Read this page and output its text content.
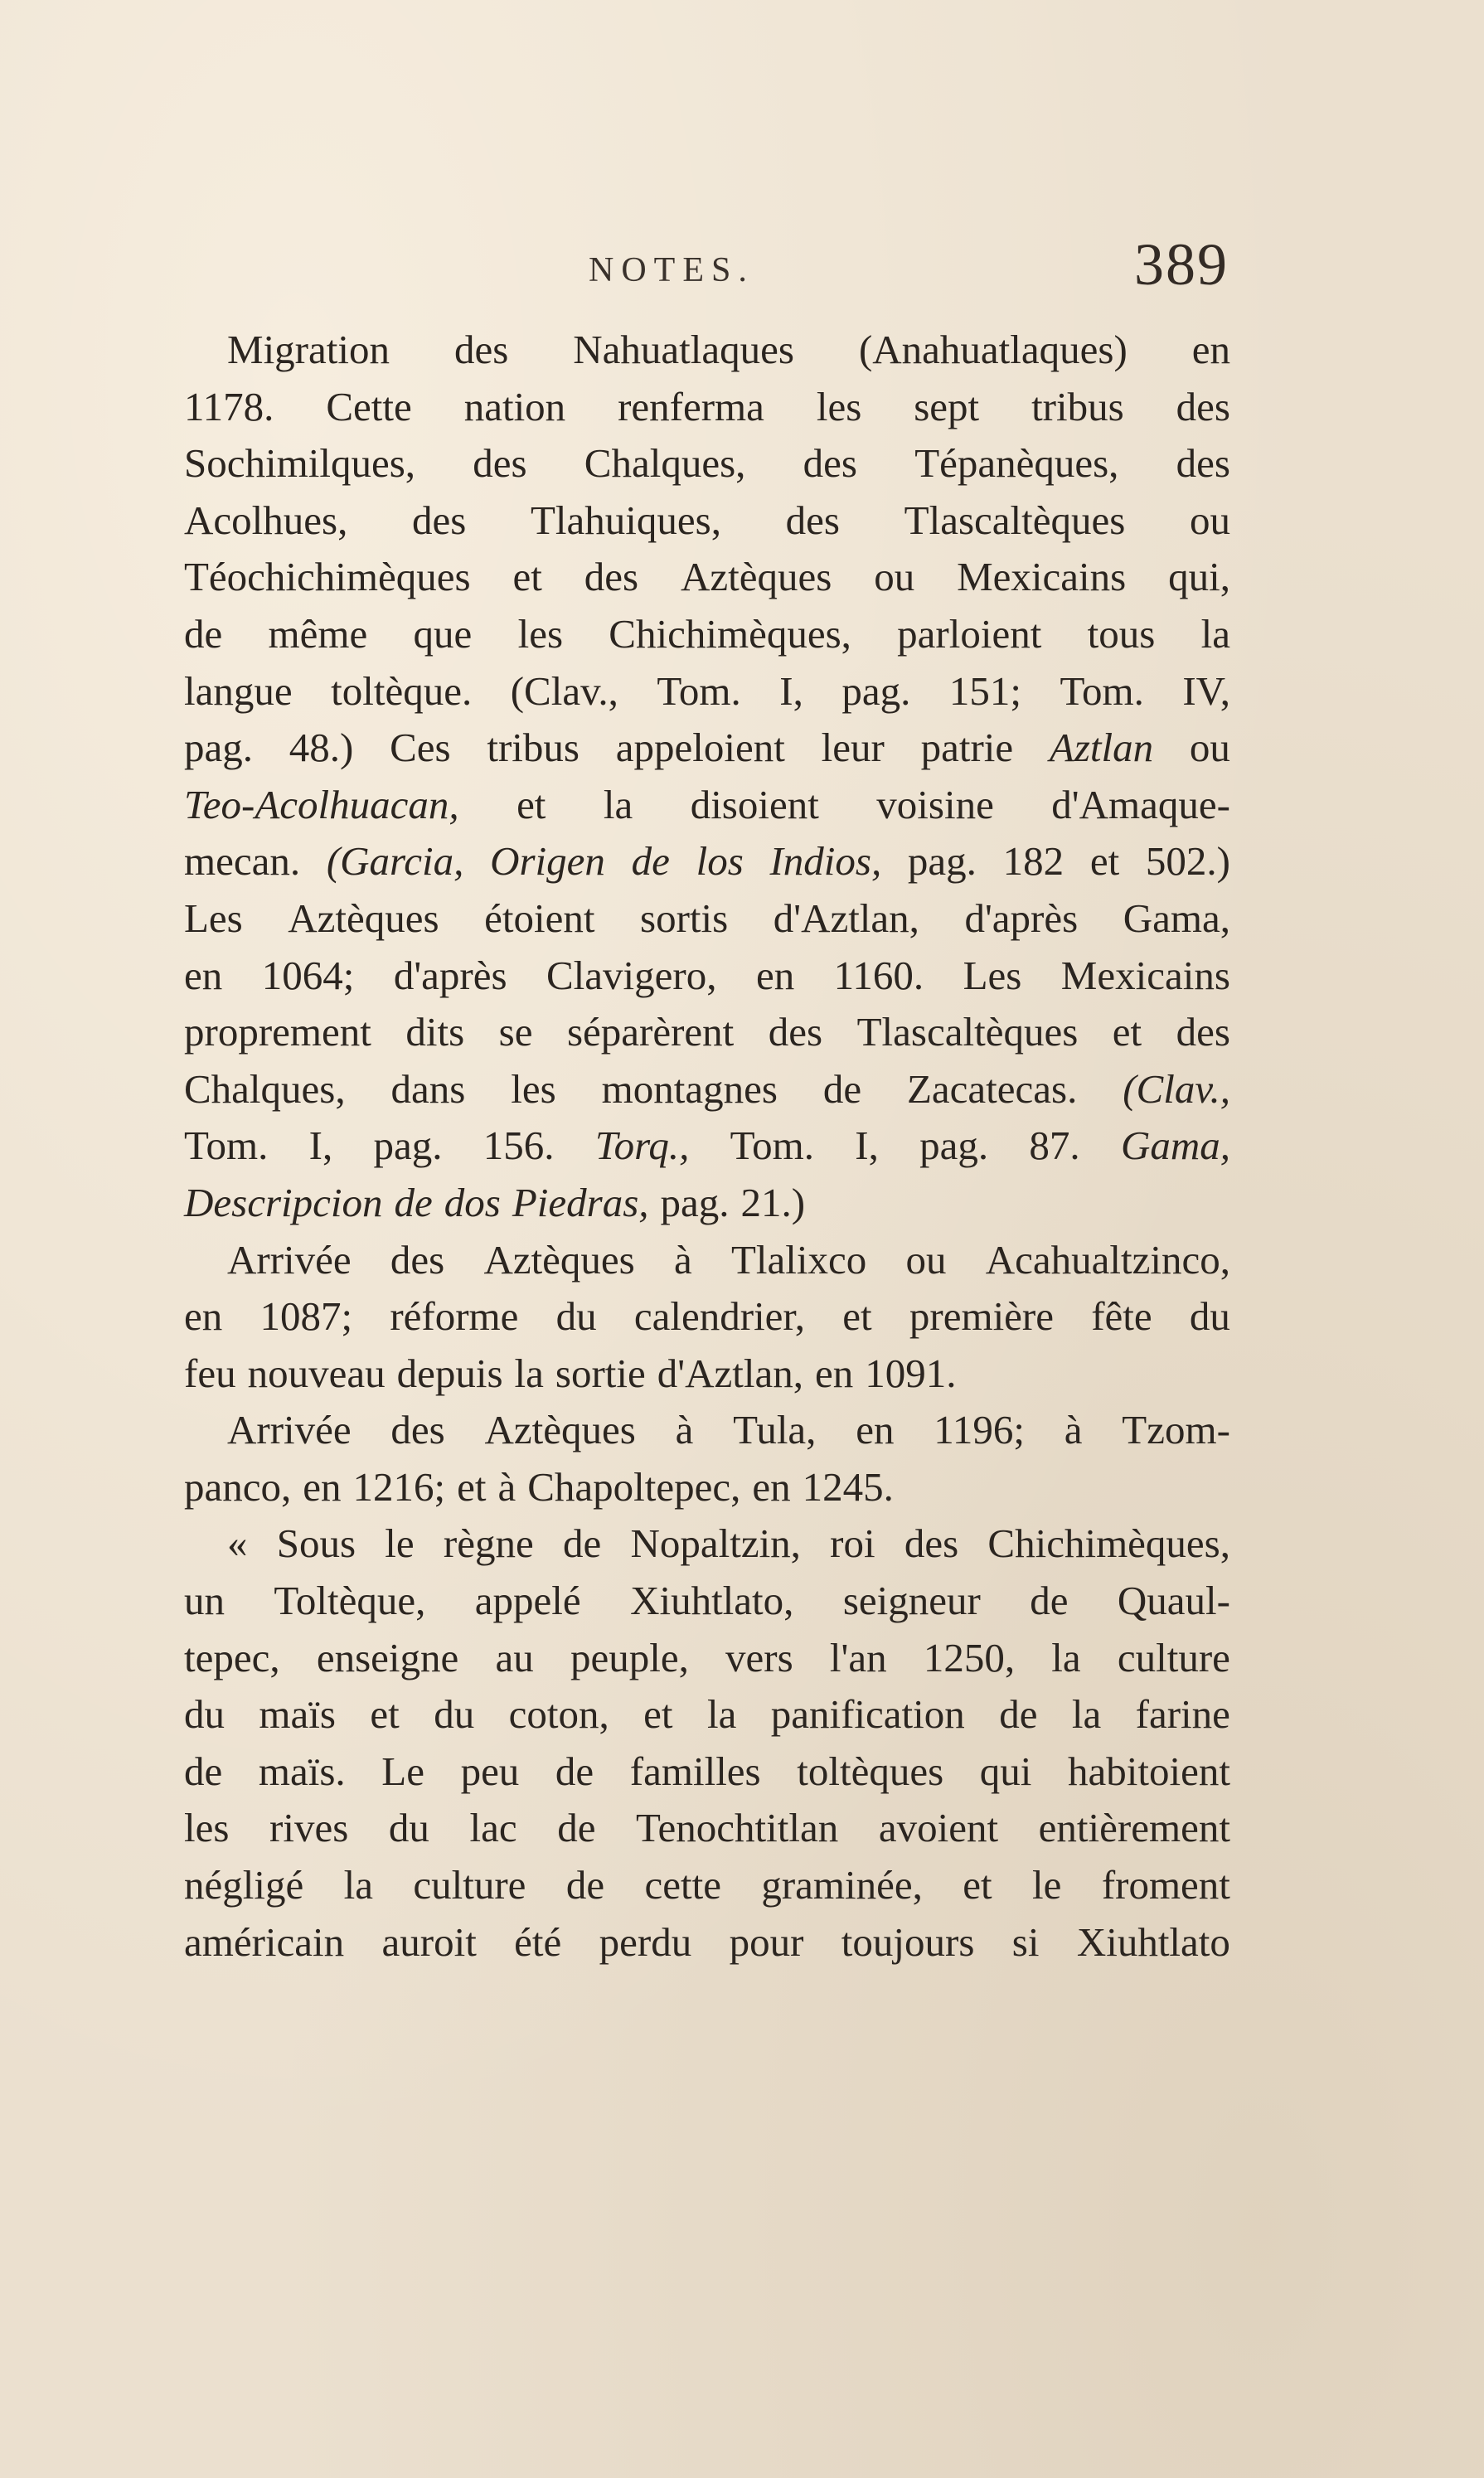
NOTES.	389
Migration des Nahuatlaques (Anahuatlaques) en
1178. Cette nation renferma les sept tribus des
Sochimilques, des Chalques, des Tépanèques, des
Acolhues, des Tlahuiques, des Tlascaltèques ou
Téochichimèques et des Aztèques ou Mexicains qui,
de même que les Chichimèques, parloient tous la
langue toltèque. (Clav., Tom. I, pag. 151; Tom. IV,
pag. 48.) Ces tribus appeloient leur patrie Aztlan ou
Teo-Acolhuacan, et la disoient voisine d'Amaque-
mecan. (Garcia, Origen de los Indios, pag. 182 et 502.)
Les Aztèques étoient sortis d'Aztlan, d'après Gama,
en 1064; d'après Clavigero, en 1160. Les Mexicains
proprement dits se séparèrent des Tlascaltèques et des
Chalques, dans les montagnes de Zacatecas. (Clav.,
Tom. I, pag. 156. Torq., Tom. I, pag. 87. Gama,
Descripcion de dos Piedras, pag. 21.)
Arrivée des Aztèques à Tlalixco ou Acahualtzinco,
en 1087; réforme du calendrier, et première fête du
feu nouveau depuis la sortie d'Aztlan, en 1091.
Arrivée des Aztèques à Tula, en 1196; à Tzom-
panco, en 1216; et à Chapoltepec, en 1245.
« Sous le règne de Nopaltzin, roi des Chichimèques,
un Toltèque, appelé Xiuhtlato, seigneur de Quaul-
tepec, enseigne au peuple, vers l'an 1250, la culture
du maïs et du coton, et la panification de la farine
de maïs. Le peu de familles toltèques qui habitoient
les rives du lac de Tenochtitlan avoient entièrement
négligé la culture de cette graminée, et le froment
américain auroit été perdu pour toujours si Xiuhtlato
